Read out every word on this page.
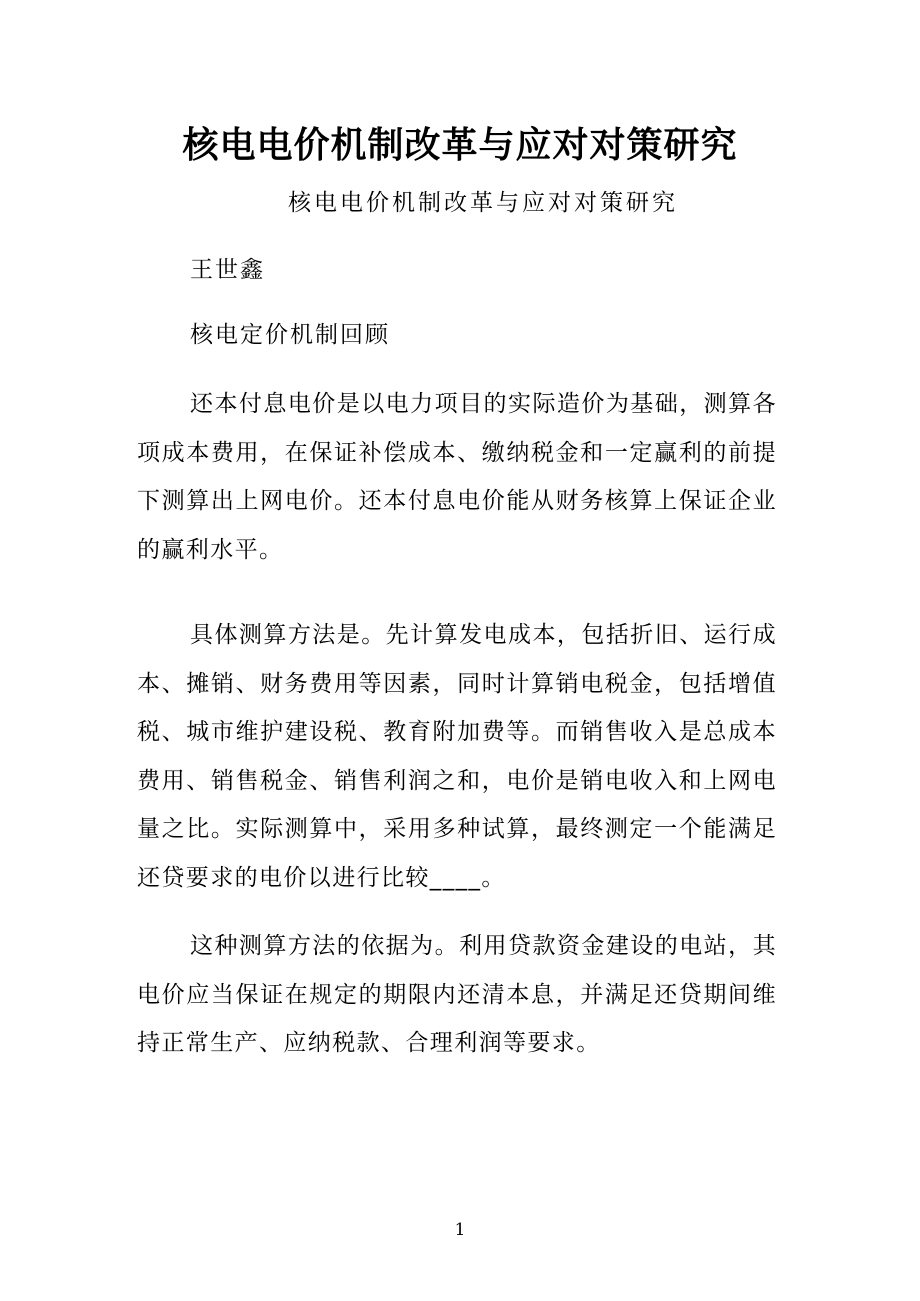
核电电价机制改革与应对对策研究
核电电价机制改革与应对对策研究
王世鑫
核电定价机制回顾

还本付息电价是以电力项目的实际造价为基础，测算各项成本费用，在保证补偿成本、缴纳税金和一定赢利的前提下测算出上网电价。还本付息电价能从财务核算上保证企业的赢利水平。

具体测算方法是。先计算发电成本，包括折旧、运行成本、摊销、财务费用等因素，同时计算销电税金，包括增值税、城市维护建设税、教育附加费等。而销售收入是总成本费用、销售税金、销售利润之和，电价是销电收入和上网电量之比。实际测算中，采用多种试算，最终测定一个能满足还贷要求的电价以进行比较____。

这种测算方法的依据为。利用贷款资金建设的电站，其电价应当保证在规定的期限内还清本息，并满足还贷期间维持正常生产、应纳税款、合理利润等要求。

1
